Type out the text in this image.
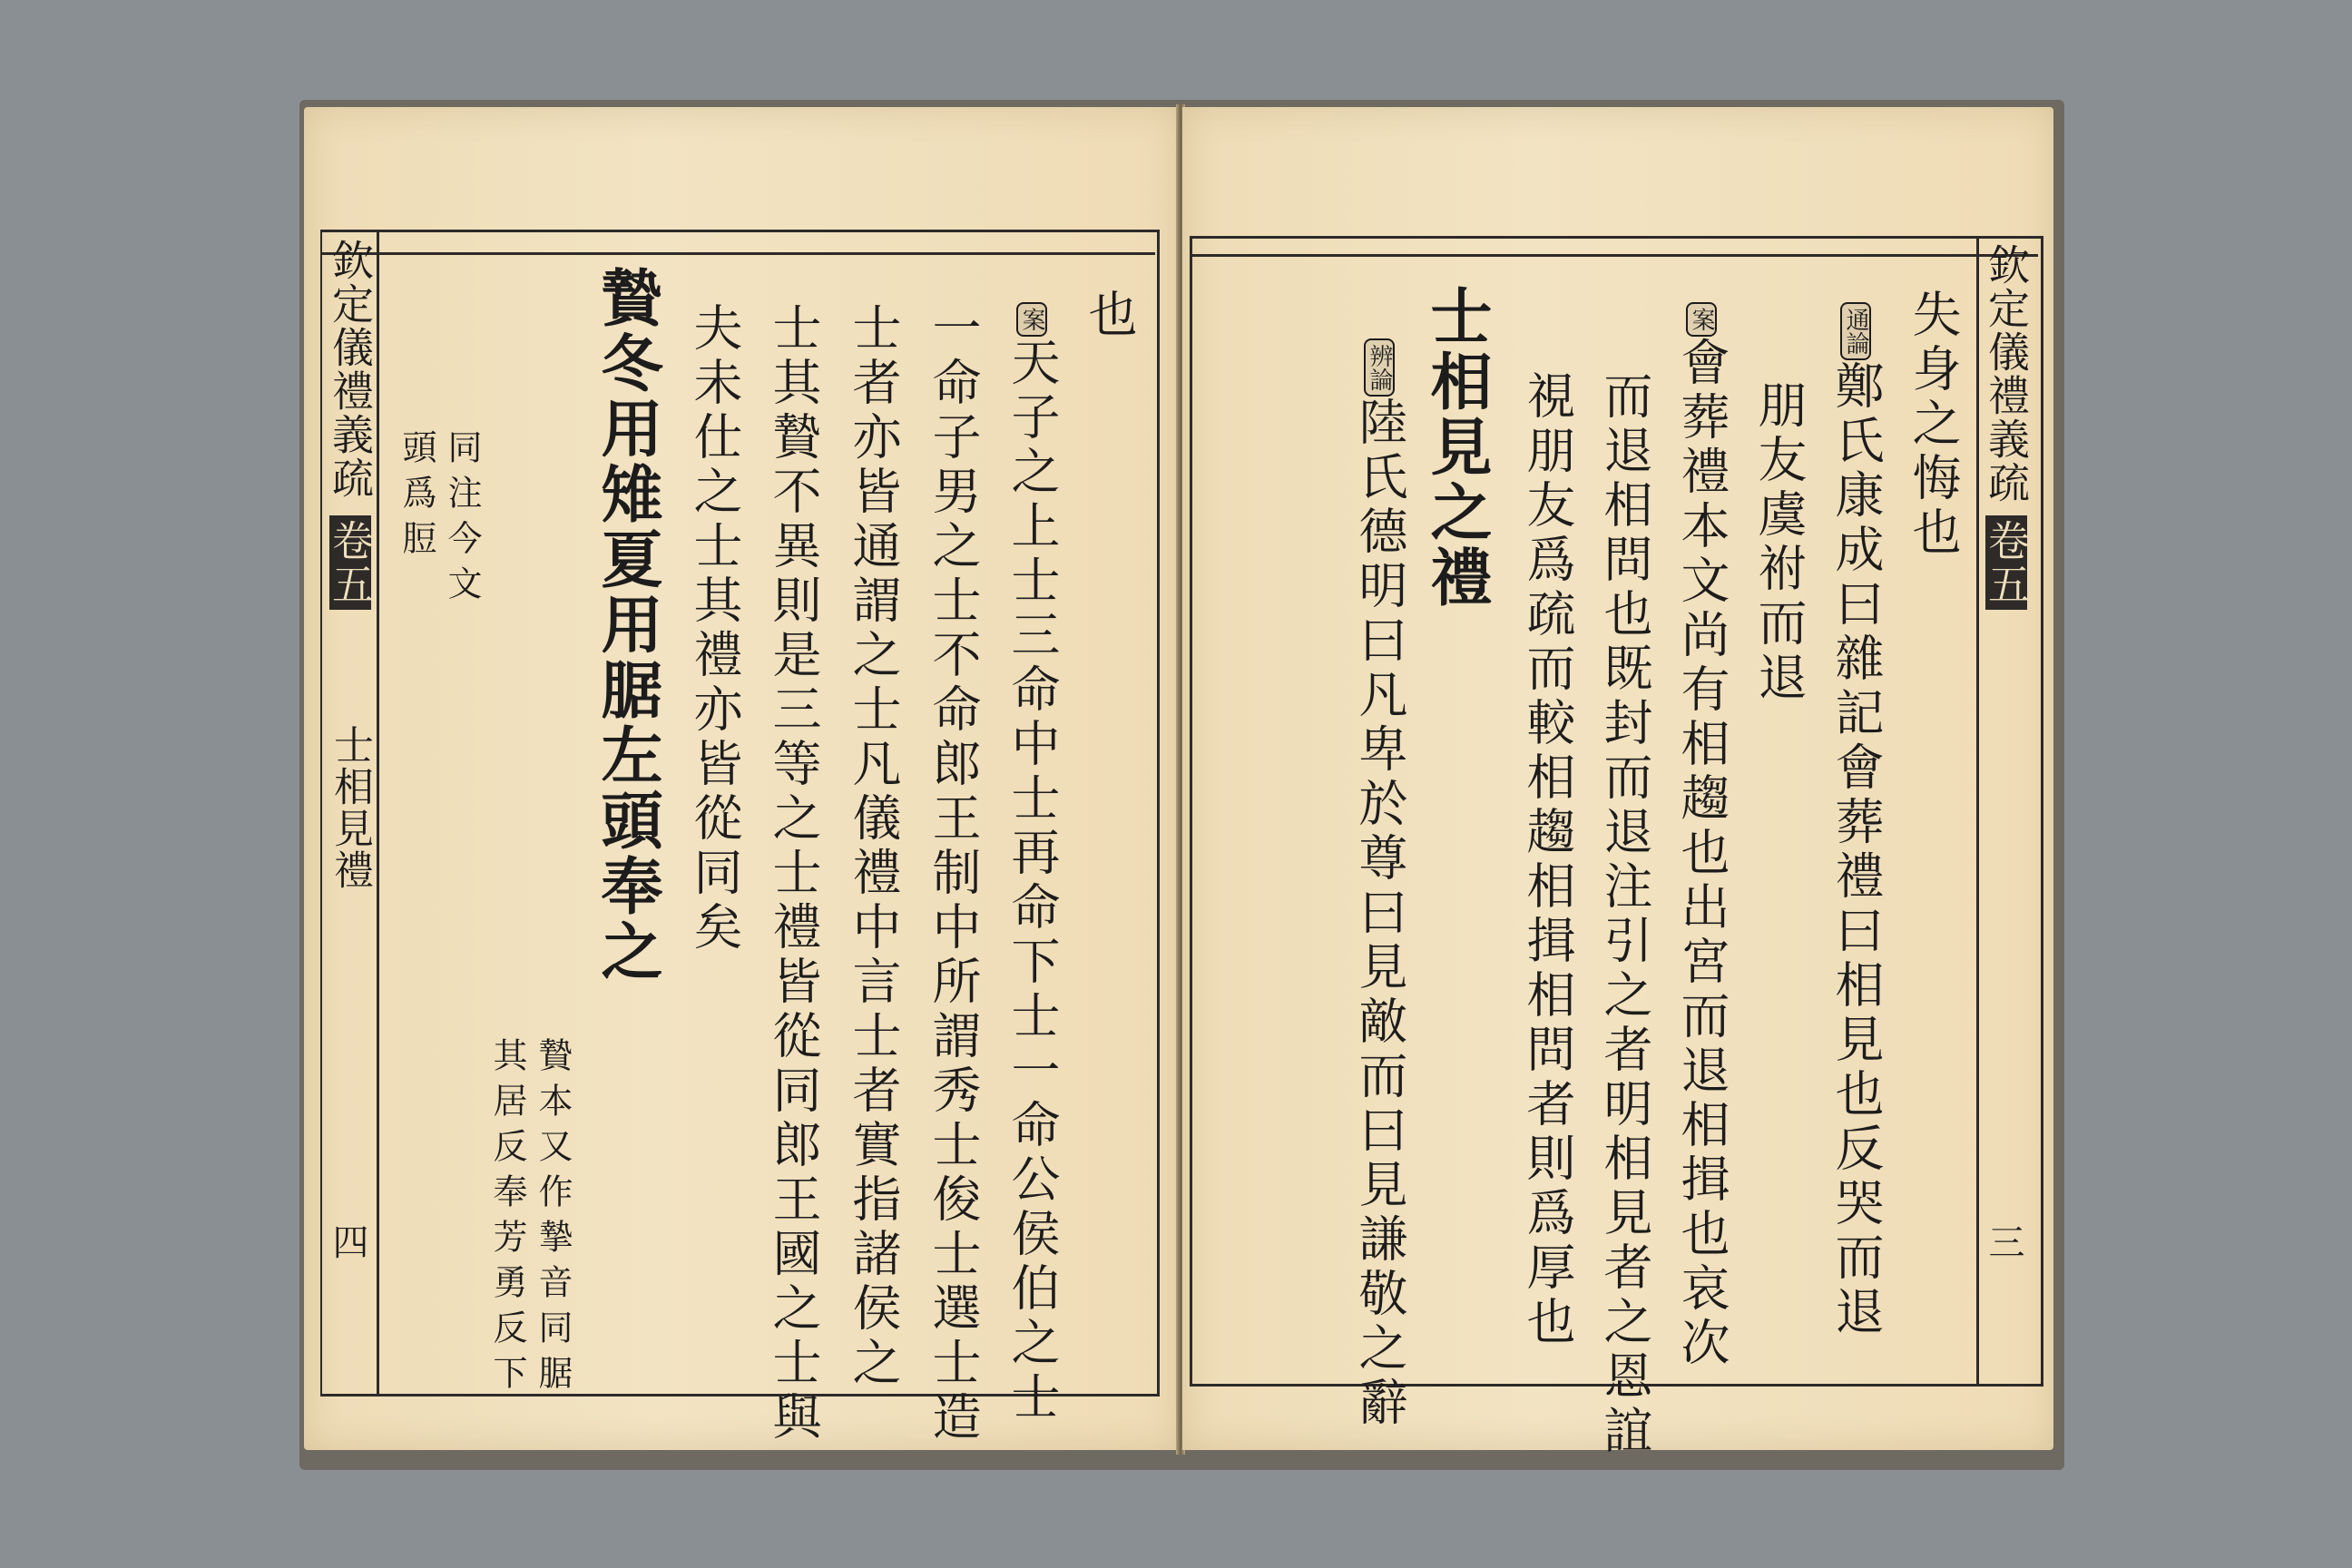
欽定儀禮義疏
卷五
士相見禮
四
也
案天子之上士三命中士再命下士一命公侯伯之士
一命子男之士不命郎王制中所謂秀士俊士選士造
士者亦皆通謂之士凡儀禮中言士者實指諸侯之
士其贄不異則是三等之士禮皆從同郎王國之士與
夫未仕之士其禮亦皆從同矣
贄冬用雉夏用腒左頭奉之
贄本又作摯音同腒
其居反奉芳勇反下
同注今文
頭爲脰	欽定儀禮義疏
卷五
三
失身之悔也
通論鄭氏康成曰雜記會葬禮曰相見也反哭而退
朋友虞祔而退
案會葬禮本文尚有相趨也出宮而退相揖也哀次
而退相問也既封而退注引之者明相見者之恩誼
視朋友爲疏而較相趨相揖相問者則爲厚也
士相見之禮
辨論陸氏德明曰凡卑於尊曰見敵而曰見謙敬之辭
